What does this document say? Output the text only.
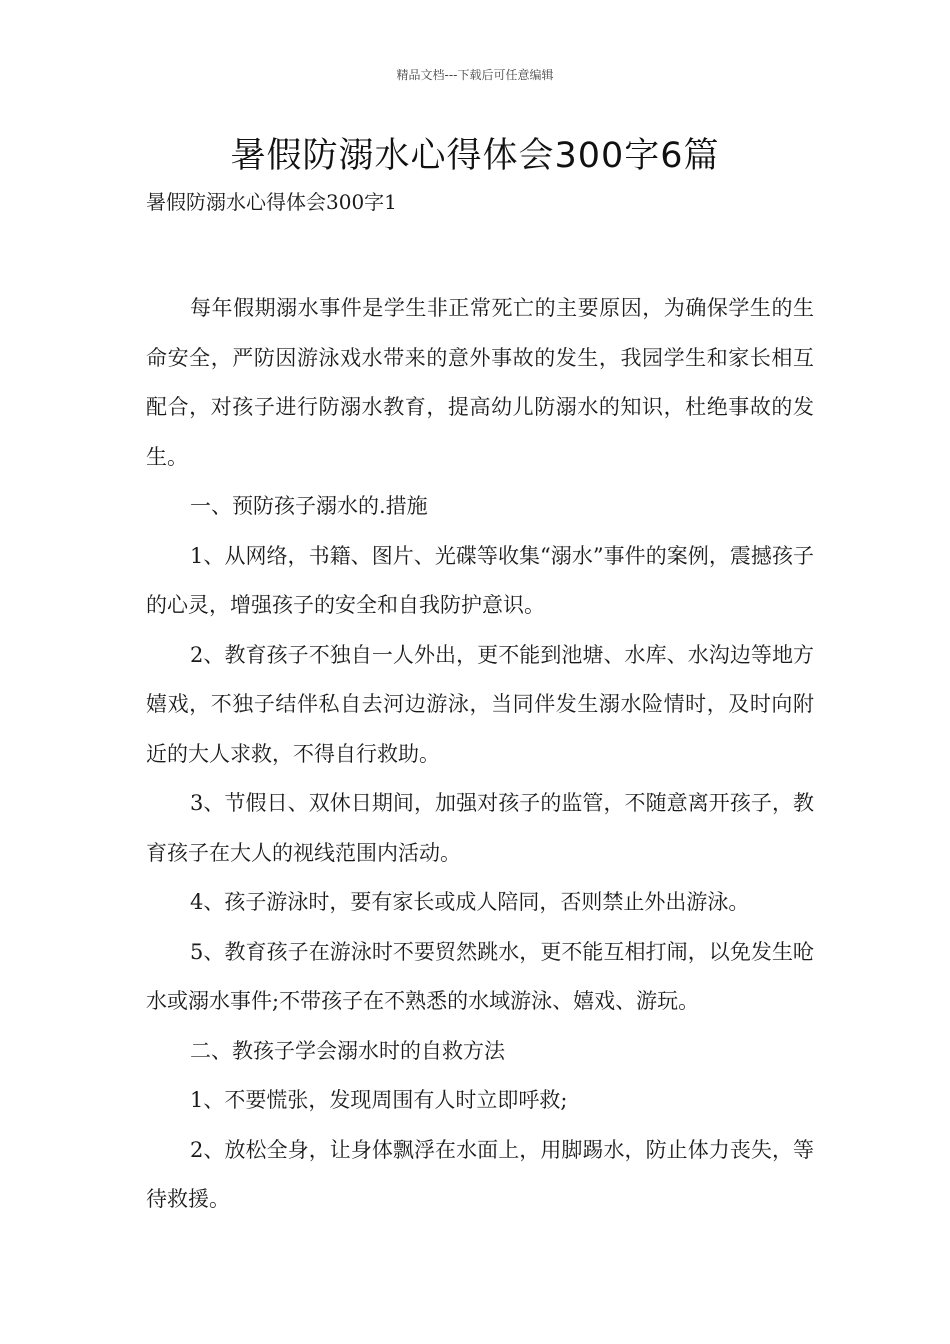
精品文档---下载后可任意编辑
暑假防溺水心得体会300字6篇
暑假防溺水心得体会300字1

每年假期溺水事件是学生非正常死亡的主要原因，为确保学生的生命安全，严防因游泳戏水带来的意外事故的发生，我园学生和家长相互配合，对孩子进行防溺水教育，提高幼儿防溺水的知识，杜绝事故的发生。

一、预防孩子溺水的.措施

1、从网络，书籍、图片、光碟等收集“溺水”事件的案例，震撼孩子的心灵，增强孩子的安全和自我防护意识。

2、教育孩子不独自一人外出，更不能到池塘、水库、水沟边等地方嬉戏，不独子结伴私自去河边游泳，当同伴发生溺水险情时，及时向附近的大人求救，不得自行救助。

3、节假日、双休日期间，加强对孩子的监管，不随意离开孩子，教育孩子在大人的视线范围内活动。

4、孩子游泳时，要有家长或成人陪同，否则禁止外出游泳。

5、教育孩子在游泳时不要贸然跳水，更不能互相打闹，以免发生呛水或溺水事件;不带孩子在不熟悉的水域游泳、嬉戏、游玩。

二、教孩子学会溺水时的自救方法

1、不要慌张，发现周围有人时立即呼救;

2、放松全身，让身体飘浮在水面上，用脚踢水，防止体力丧失，等待救援。
